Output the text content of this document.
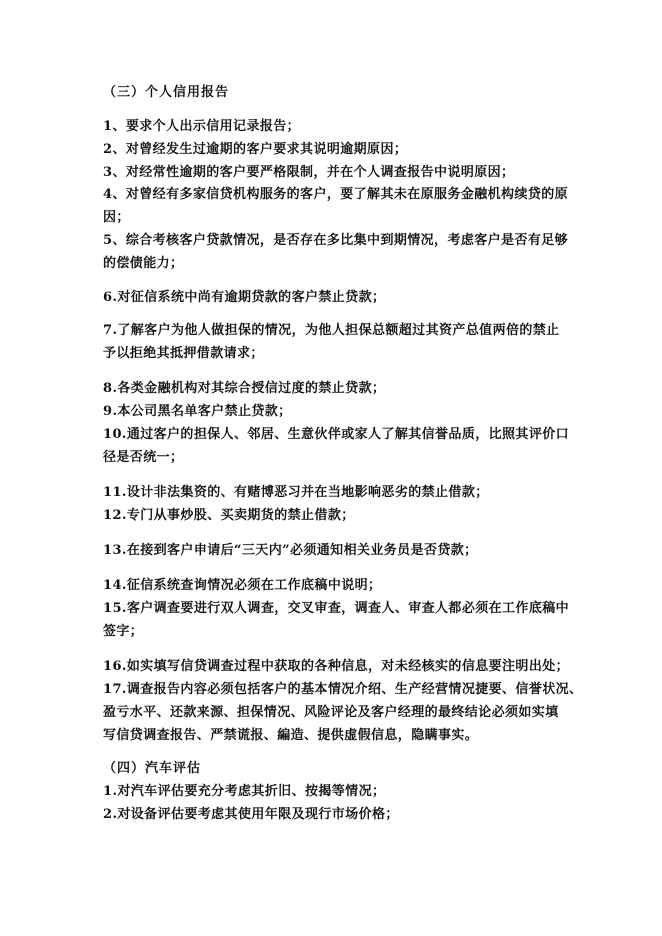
（三）个人信用报告
1、要求个人出示信用记录报告；
2、对曾经发生过逾期的客户要求其说明逾期原因；
3、对经常性逾期的客户要严格限制，并在个人调查报告中说明原因；
4、对曾经有多家信贷机构服务的客户，要了解其未在原服务金融机构续贷的原
因；
5、综合考核客户贷款情况，是否存在多比集中到期情况，考虑客户是否有足够
的偿债能力；
6.对征信系统中尚有逾期贷款的客户禁止贷款；
7.了解客户为他人做担保的情况，为他人担保总额超过其资产总值两倍的禁止
予以拒绝其抵押借款请求；
8.各类金融机构对其综合授信过度的禁止贷款；
9.本公司黑名单客户禁止贷款；
10.通过客户的担保人、邻居、生意伙伴或家人了解其信誉品质，比照其评价口
径是否统一；
11.设计非法集资的、有赌博恶习并在当地影响恶劣的禁止借款；
12.专门从事炒股、买卖期货的禁止借款；
13.在接到客户申请后“三天内”必须通知相关业务员是否贷款；
14.征信系统查询情况必须在工作底稿中说明；
15.客户调查要进行双人调查，交叉审查，调查人、审查人都必须在工作底稿中
签字；
16.如实填写信贷调查过程中获取的各种信息，对未经核实的信息要注明出处；
17.调查报告内容必须包括客户的基本情况介绍、生产经营情况捷要、信誉状况、
盈亏水平、还款来源、担保情况、风险评论及客户经理的最终结论必须如实填
写信贷调查报告、严禁谎报、編造、提供虚假信息，隐瞒事实。
（四）汽车评估
1.对汽车评估要充分考虑其折旧、按揭等情况；
2.对设备评估要考虑其使用年限及现行市场价格；
